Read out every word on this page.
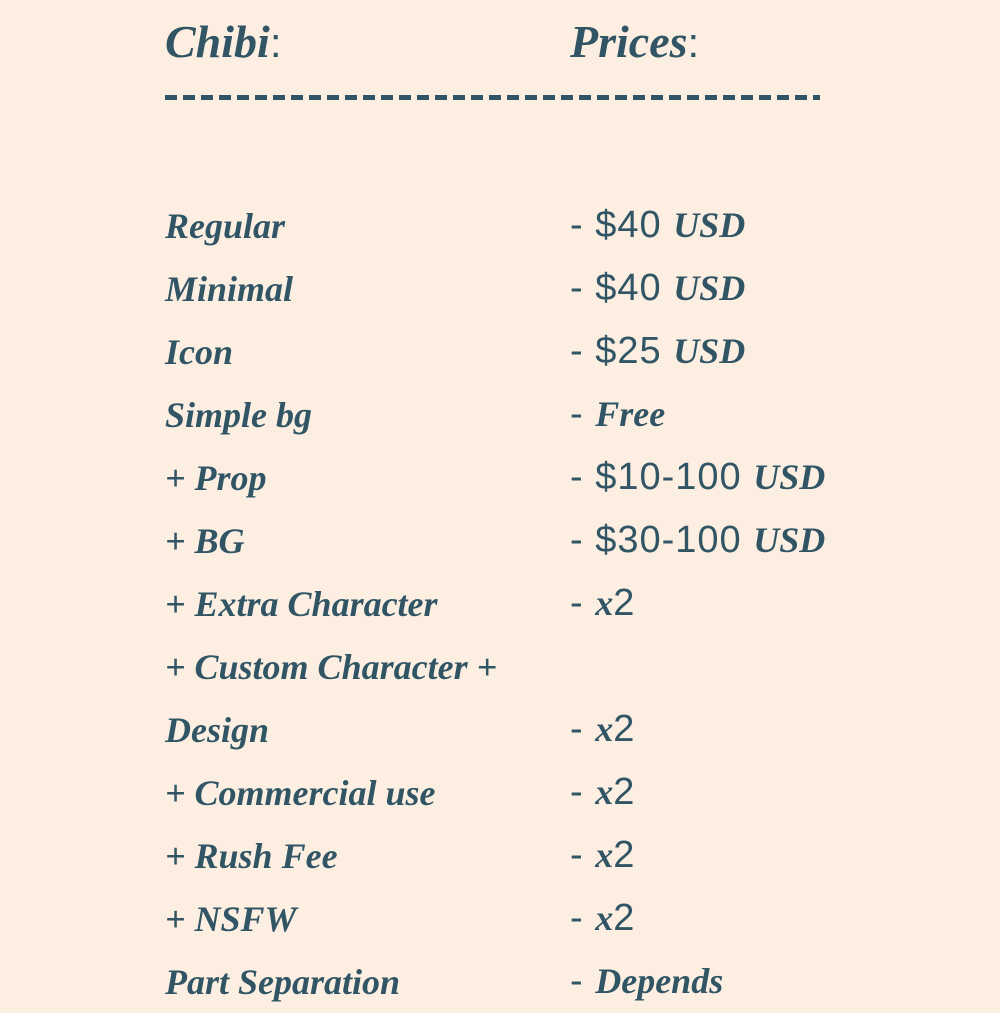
Chibi:	Prices:
Regular	- $40 USD
Minimal	- $40 USD
Icon	- $25 USD
Simple bg	- Free
+ Prop	- $10-100 USD
+ BG	- $30-100 USD
+ Extra Character	- x2
+ Custom Character +
Design	- x2
+ Commercial use	- x2
+ Rush Fee	- x2
+ NSFW	- x2
Part Separation	- Depends
